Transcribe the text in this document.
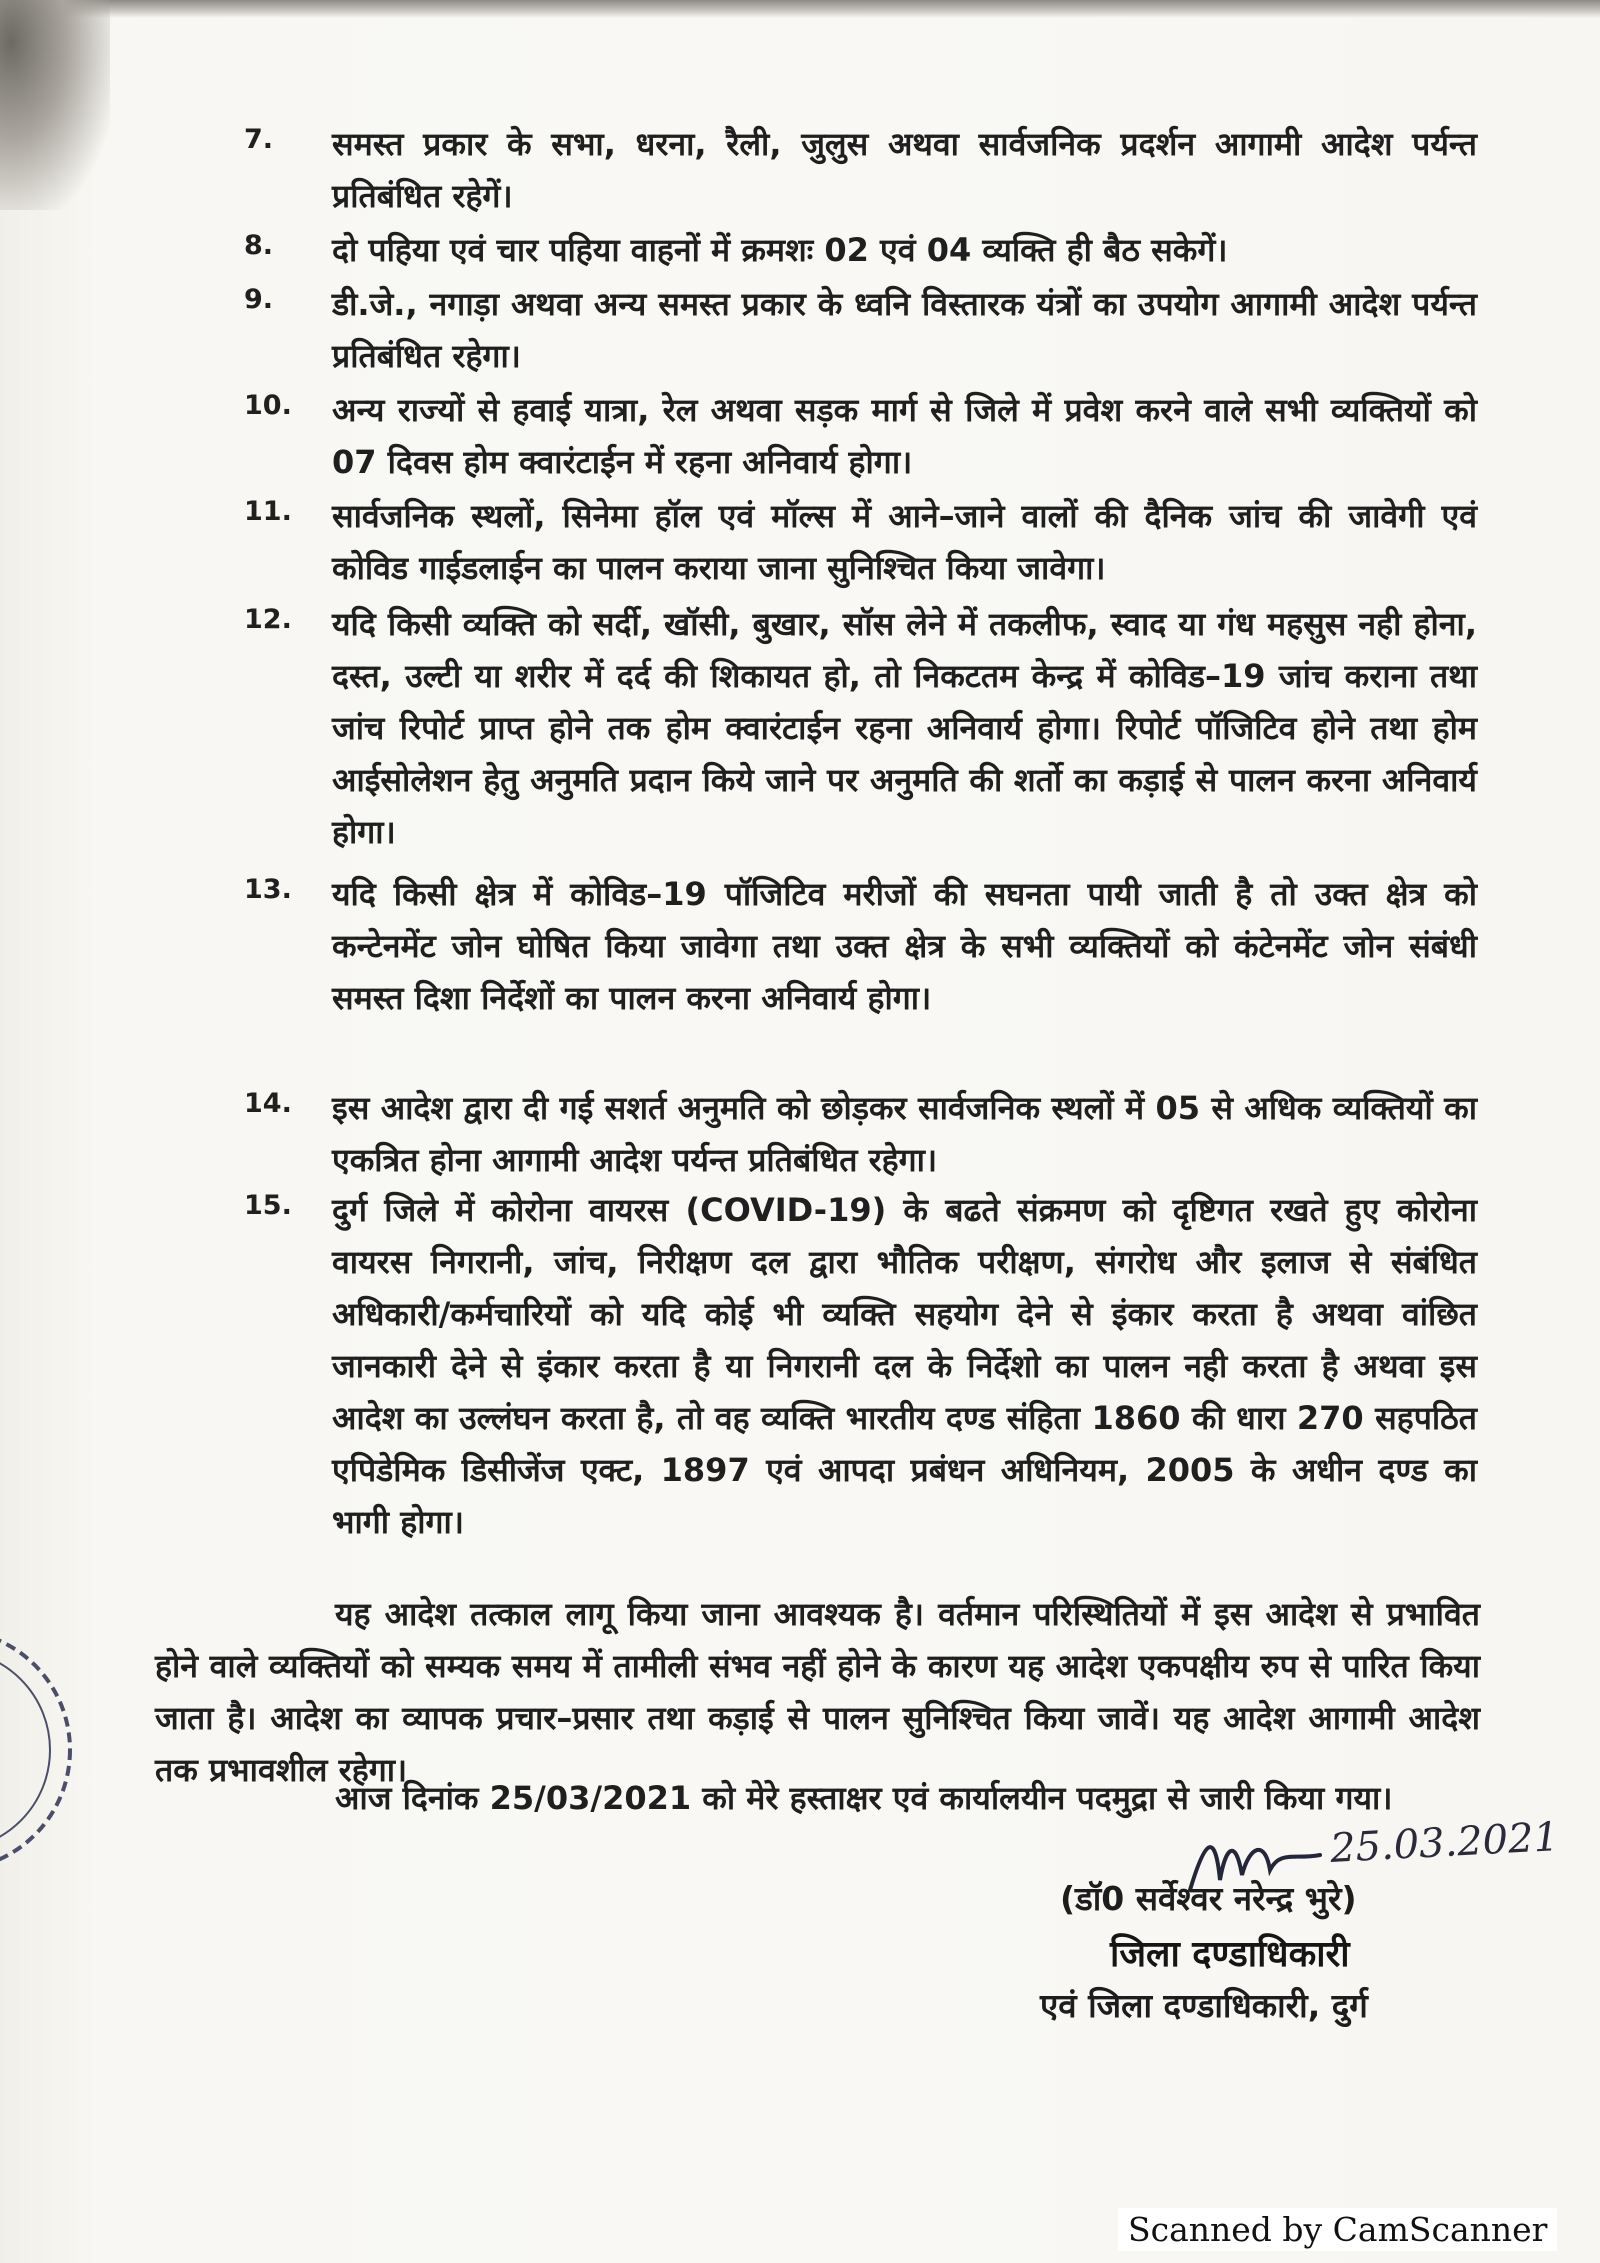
7.	समस्त प्रकार के सभा, धरना, रैली, जुलुस अथवा सार्वजनिक प्रदर्शन आगामी आदेश पर्यन्त प्रतिबंधित रहेगें।
8.	दो पहिया एवं चार पहिया वाहनों में क्रमशः 02 एवं 04 व्यक्ति ही बैठ सकेगें।
9.	डी.जे., नगाड़ा अथवा अन्य समस्त प्रकार के ध्वनि विस्तारक यंत्रों का उपयोग आगामी आदेश पर्यन्त प्रतिबंधित रहेगा।
10.	अन्य राज्यों से हवाई यात्रा, रेल अथवा सड़क मार्ग से जिले में प्रवेश करने वाले सभी व्यक्तियों को 07 दिवस होम क्वारंटाईन में रहना अनिवार्य होगा।
11.	सार्वजनिक स्थलों, सिनेमा हॉल एवं मॉल्स में आने–जाने वालों की दैनिक जांच की जावेगी एवं कोविड गाईडलाईन का पालन कराया जाना सुनिश्चित किया जावेगा।
12.	यदि किसी व्यक्ति को सर्दी, खॉसी, बुखार, सॉस लेने में तकलीफ, स्वाद या गंध महसुस नही होना, दस्त, उल्टी या शरीर में दर्द की शिकायत हो, तो निकटतम केन्द्र में कोविड–19 जांच कराना तथा जांच रिपोर्ट प्राप्त होने तक होम क्वारंटाईन रहना अनिवार्य होगा। रिपोर्ट पॉजिटिव होने तथा होम आईसोलेशन हेतु अनुमति प्रदान किये जाने पर अनुमति की शर्तो का कड़ाई से पालन करना अनिवार्य होगा।
13.	यदि किसी क्षेत्र में कोविड–19 पॉजिटिव मरीजों की सघनता पायी जाती है तो उक्त क्षेत्र को कन्टेनमेंट जोन घोषित किया जावेगा तथा उक्त क्षेत्र के सभी व्यक्तियों को कंटेनमेंट जोन संबंधी समस्त दिशा निर्देशों का पालन करना अनिवार्य होगा।
14.	इस आदेश द्वारा दी गई सशर्त अनुमति को छोड़कर सार्वजनिक स्थलों में 05 से अधिक व्यक्तियों का एकत्रित होना आगामी आदेश पर्यन्त प्रतिबंधित रहेगा।
15.	दुर्ग जिले में कोरोना वायरस (COVID-19) के बढते संक्रमण को दृष्टिगत रखते हुए कोरोना वायरस निगरानी, जांच, निरीक्षण दल द्वारा भौतिक परीक्षण, संगरोध और इलाज से संबंधित अधिकारी/कर्मचारियों को यदि कोई भी व्यक्ति सहयोग देने से इंकार करता है अथवा वांछित जानकारी देने से इंकार करता है या निगरानी दल के निर्देशो का पालन नही करता है अथवा इस आदेश का उल्लंघन करता है, तो वह व्यक्ति भारतीय दण्ड संहिता 1860 की धारा 270 सहपठित एपिडेमिक डिसीजेंज एक्ट, 1897 एवं आपदा प्रबंधन अधिनियम, 2005 के अधीन दण्ड का भागी होगा।
यह आदेश तत्काल लागू किया जाना आवश्यक है। वर्तमान परिस्थितियों में इस आदेश से प्रभावित होने वाले व्यक्तियों को सम्यक समय में तामीली संभव नहीं होने के कारण यह आदेश एकपक्षीय रुप से पारित किया जाता है। आदेश का व्यापक प्रचार–प्रसार तथा कड़ाई से पालन सुनिश्चित किया जावें। यह आदेश आगामी आदेश तक प्रभावशील रहेगा।
आज दिनांक 25/03/2021 को मेरे हस्ताक्षर एवं कार्यालयीन पदमुद्रा से जारी किया गया।
25.03.2021
(डॉ0 सर्वेश्वर नरेन्द्र भुरे)
जिला दण्डाधिकारी
एवं जिला दण्डाधिकारी, दुर्ग
Scanned by CamScanner
